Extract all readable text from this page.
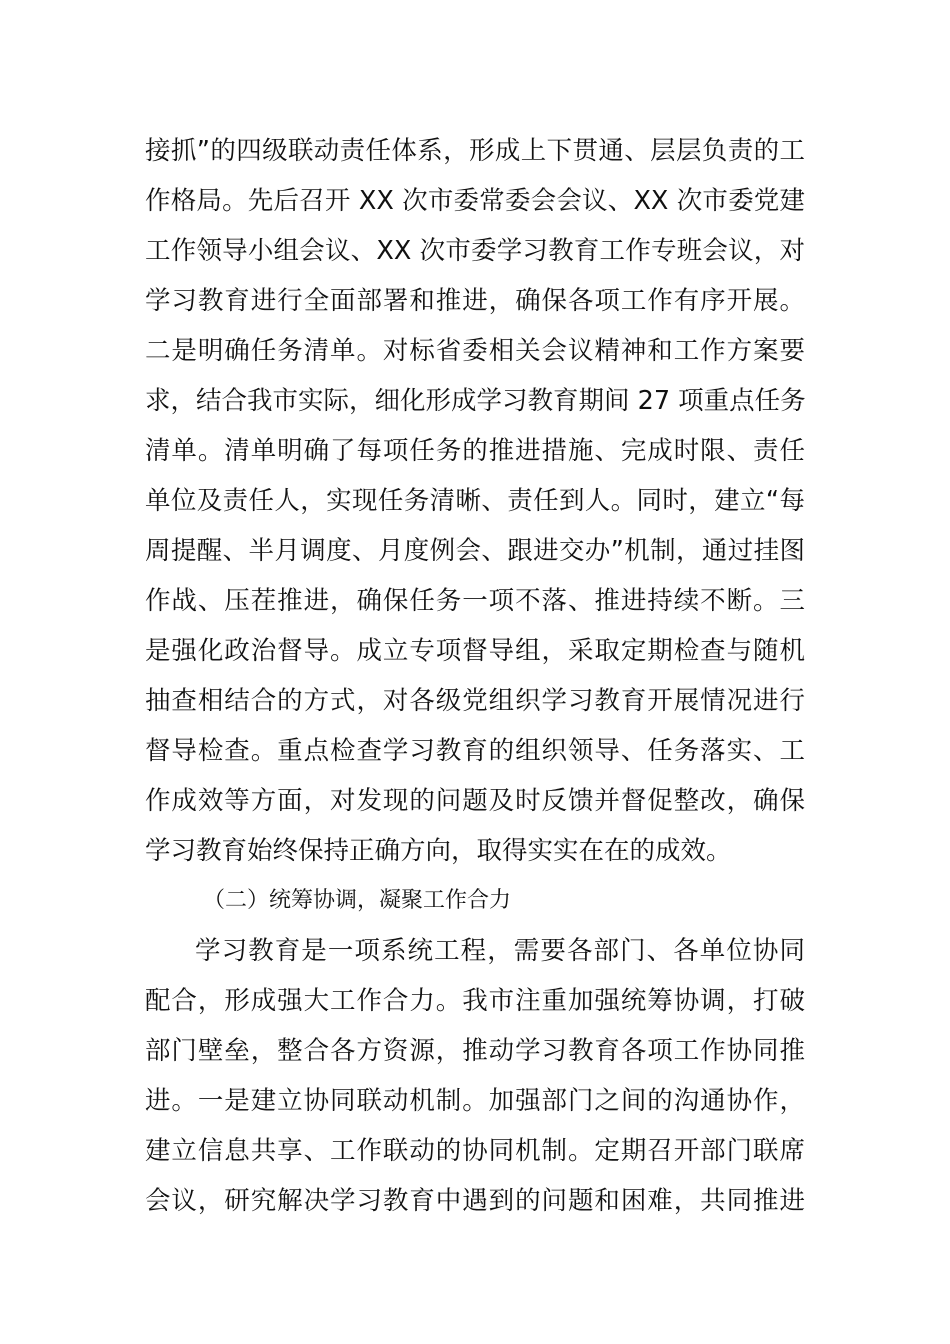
接抓”的四级联动责任体系，形成上下贯通、层层负责的工
作格局。先后召开 XX 次市委常委会会议、XX 次市委党建
工作领导小组会议、XX 次市委学习教育工作专班会议，对
学习教育进行全面部署和推进，确保各项工作有序开展。
二是明确任务清单。对标省委相关会议精神和工作方案要
求，结合我市实际，细化形成学习教育期间 27 项重点任务
清单。清单明确了每项任务的推进措施、完成时限、责任
单位及责任人，实现任务清晰、责任到人。同时，建立“每
周提醒、半月调度、月度例会、跟进交办”机制，通过挂图
作战、压茬推进，确保任务一项不落、推进持续不断。三
是强化政治督导。成立专项督导组，采取定期检查与随机
抽查相结合的方式，对各级党组织学习教育开展情况进行
督导检查。重点检查学习教育的组织领导、任务落实、工
作成效等方面，对发现的问题及时反馈并督促整改，确保
学习教育始终保持正确方向，取得实实在在的成效。
（二）统筹协调，凝聚工作合力
学习教育是一项系统工程，需要各部门、各单位协同
配合，形成强大工作合力。我市注重加强统筹协调，打破
部门壁垒，整合各方资源，推动学习教育各项工作协同推
进。一是建立协同联动机制。加强部门之间的沟通协作，
建立信息共享、工作联动的协同机制。定期召开部门联席
会议，研究解决学习教育中遇到的问题和困难，共同推进
